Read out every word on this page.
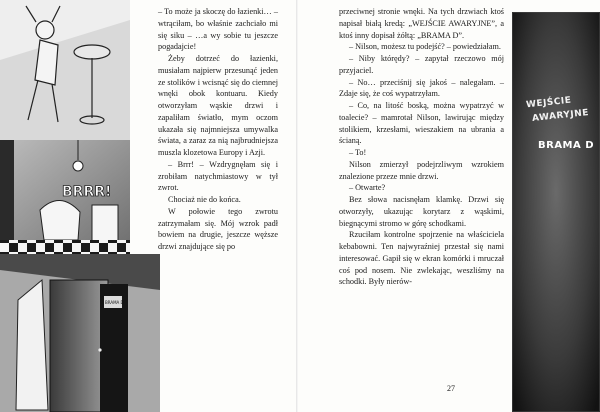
BRRR!
BRAMA D

– To może ja skoczę do łazienki… – wtrąciłam, bo właśnie zachciało mi się siku – …a wy sobie tu jeszcze pogadajcie!

Żeby dotrzeć do łazienki, musiałam najpierw przesunąć jeden ze stolików i wcisnąć się do ciemnej wnęki obok kontuaru. Kiedy otworzyłam wąskie drzwi i zapaliłam światło, mym oczom ukazała się najmniejsza umywalka świata, a zaraz za nią najbrudniejsza muszla klozetowa Europy i Azji.

– Brrr! – Wzdrygnęłam się i zrobiłam natychmiastowy w tył zwrot.

Chociaż nie do końca.

W połowie tego zwrotu zatrzymałam się. Mój wzrok padł bowiem na drugie, jeszcze węższe drzwi znajdujące się po

przeciwnej stronie wnęki. Na tych drzwiach ktoś napisał białą kredą: „WEJŚCIE AWARYJNE”, a ktoś inny dopisał żółtą: „BRAMA D”.

– Nilson, możesz tu podejść? – powiedziałam.

– Niby którędy? – zapytał rzeczowo mój przyjaciel.

– No… przeciśnij się jakoś – nalegałam. – Zdaje się, że coś wypatrzyłam.

– Co, na litość boską, można wypatrzyć w toalecie? – mamrotał Nilson, lawirując między stolikiem, krzesłami, wieszakiem na ubrania a ścianą.

– To!

Nilson zmierzył podejrzliwym wzrokiem znalezione przeze mnie drzwi.

– Otwarte?

Bez słowa nacisnęłam klamkę. Drzwi się otworzyły, ukazując korytarz z wąskimi, biegnącymi stromo w górę schodkami.

Rzuciłam kontrolne spojrzenie na właściciela kebabowni. Ten najwyraźniej przestał się nami interesować. Gapił się w ekran komórki i mruczał coś pod nosem. Nie zwlekając, weszliśmy na schodki. Były nierów-

27
WEJŚCIE
AWARYJNE
BRAMA D
